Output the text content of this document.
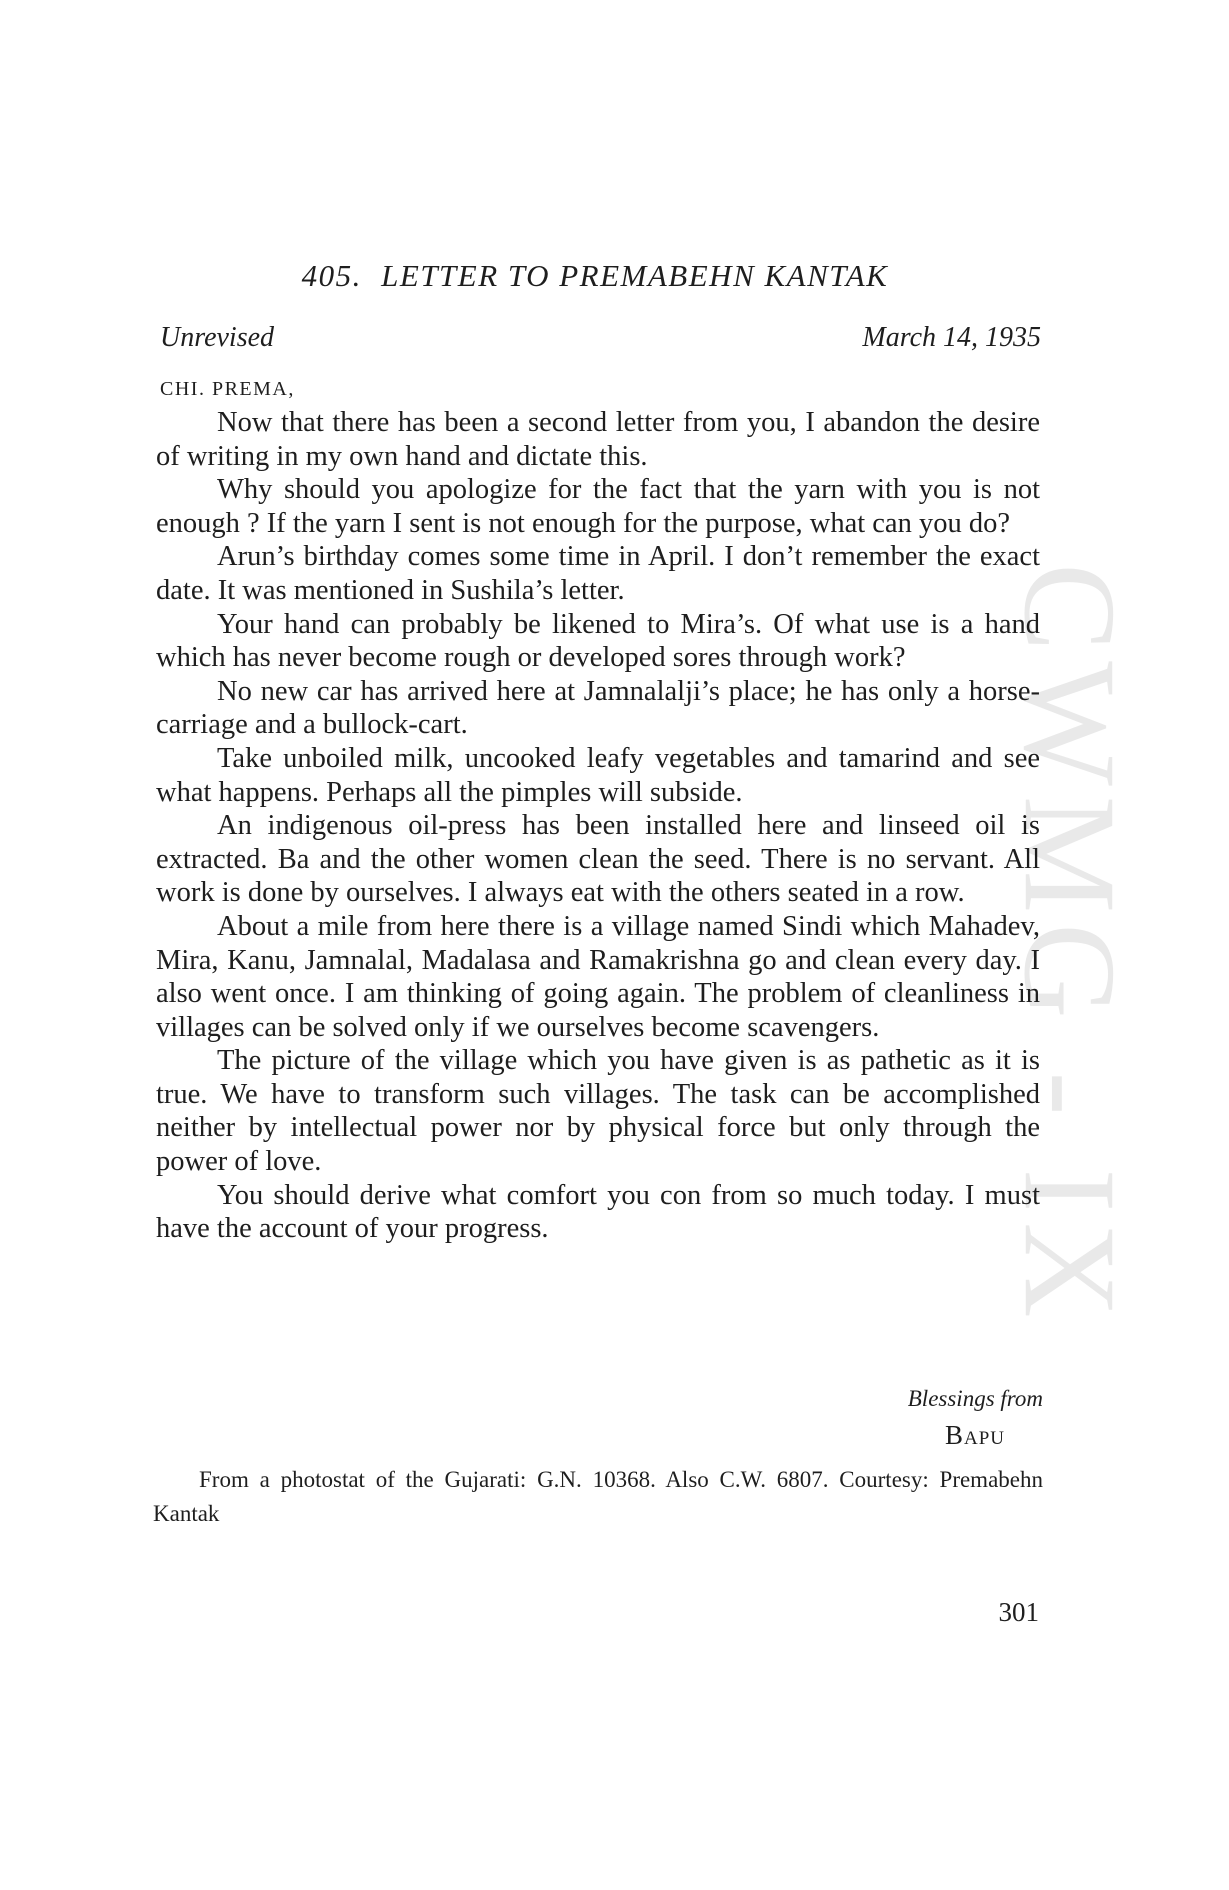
CWMG - IX
405. LETTER TO PREMABEHN KANTAK
Unrevised	March 14, 1935
CHI. PREMA,

Now that there has been a second letter from you, I abandon the desire of writing in my own hand and dictate this.

Why should you apologize for the fact that the yarn with you is not enough ? If the yarn I sent is not enough for the purpose, what can you do?

Arun’s birthday comes some time in April. I don’t remember the exact date. It was mentioned in Sushila’s letter.

Your hand can probably be likened to Mira’s. Of what use is a hand which has never become rough or developed sores through work?

No new car has arrived here at Jamnalalji’s place; he has only a horse-carriage and a bullock-cart.

Take unboiled milk, uncooked leafy vegetables and tamarind and see what happens. Perhaps all the pimples will subside.

An indigenous oil-press has been installed here and linseed oil is extracted. Ba and the other women clean the seed. There is no servant. All work is done by ourselves. I always eat with the others seated in a row.

About a mile from here there is a village named Sindi which Mahadev, Mira, Kanu, Jamnalal, Madalasa and Ramakrishna go and clean every day. I also went once. I am thinking of going again. The problem of cleanliness in villages can be solved only if we ourselves become scavengers.

The picture of the village which you have given is as pathetic as it is true. We have to transform such villages. The task can be accomplished neither by intellectual power nor by physical force but only through the power of love.

You should derive what comfort you con from so much today. I must have the account of your progress.

Blessings from
Bapu

From a photostat of the Gujarati: G.N. 10368. Also C.W. 6807. Courtesy: Premabehn Kantak

301
